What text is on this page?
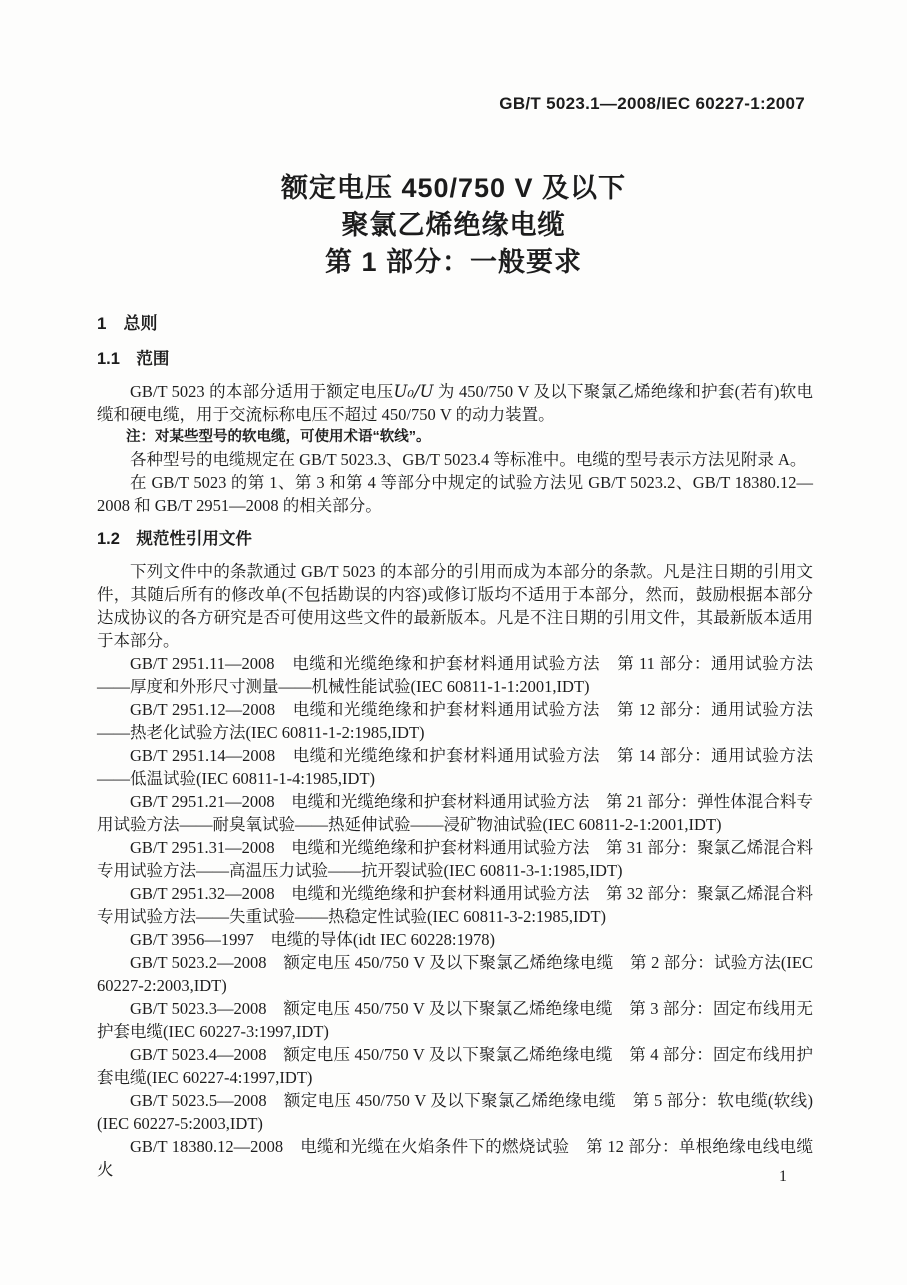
GB/T 5023.1—2008/IEC 60227-1:2007
额定电压 450/750 V 及以下
聚氯乙烯绝缘电缆
第 1 部分：一般要求
1　总则
1.1　范围

GB/T 5023 的本部分适用于额定电压U₀/U 为 450/750 V 及以下聚氯乙烯绝缘和护套(若有)软电缆和硬电缆，用于交流标称电压不超过 450/750 V 的动力装置。

注：对某些型号的软电缆，可使用术语“软线”。

各种型号的电缆规定在 GB/T 5023.3、GB/T 5023.4 等标准中。电缆的型号表示方法见附录 A。

在 GB/T 5023 的第 1、第 3 和第 4 等部分中规定的试验方法见 GB/T 5023.2、GB/T 18380.12—2008 和 GB/T 2951—2008 的相关部分。

1.2　规范性引用文件

下列文件中的条款通过 GB/T 5023 的本部分的引用而成为本部分的条款。凡是注日期的引用文件，其随后所有的修改单(不包括勘误的内容)或修订版均不适用于本部分，然而，鼓励根据本部分达成协议的各方研究是否可使用这些文件的最新版本。凡是不注日期的引用文件，其最新版本适用于本部分。

GB/T 2951.11—2008　电缆和光缆绝缘和护套材料通用试验方法　第 11 部分：通用试验方法——厚度和外形尺寸测量——机械性能试验(IEC 60811-1-1:2001,IDT)

GB/T 2951.12—2008　电缆和光缆绝缘和护套材料通用试验方法　第 12 部分：通用试验方法——热老化试验方法(IEC 60811-1-2:1985,IDT)

GB/T 2951.14—2008　电缆和光缆绝缘和护套材料通用试验方法　第 14 部分：通用试验方法——低温试验(IEC 60811-1-4:1985,IDT)

GB/T 2951.21—2008　电缆和光缆绝缘和护套材料通用试验方法　第 21 部分：弹性体混合料专用试验方法——耐臭氧试验——热延伸试验——浸矿物油试验(IEC 60811-2-1:2001,IDT)

GB/T 2951.31—2008　电缆和光缆绝缘和护套材料通用试验方法　第 31 部分：聚氯乙烯混合料专用试验方法——高温压力试验——抗开裂试验(IEC 60811-3-1:1985,IDT)

GB/T 2951.32—2008　电缆和光缆绝缘和护套材料通用试验方法　第 32 部分：聚氯乙烯混合料专用试验方法——失重试验——热稳定性试验(IEC 60811-3-2:1985,IDT)

GB/T 3956—1997　电缆的导体(idt IEC 60228:1978)

GB/T 5023.2—2008　额定电压 450/750 V 及以下聚氯乙烯绝缘电缆　第 2 部分：试验方法(IEC 60227-2:2003,IDT)

GB/T 5023.3—2008　额定电压 450/750 V 及以下聚氯乙烯绝缘电缆　第 3 部分：固定布线用无护套电缆(IEC 60227-3:1997,IDT)

GB/T 5023.4—2008　额定电压 450/750 V 及以下聚氯乙烯绝缘电缆　第 4 部分：固定布线用护套电缆(IEC 60227-4:1997,IDT)

GB/T 5023.5—2008　额定电压 450/750 V 及以下聚氯乙烯绝缘电缆　第 5 部分：软电缆(软线)(IEC 60227-5:2003,IDT)

GB/T 18380.12—2008　电缆和光缆在火焰条件下的燃烧试验　第 12 部分：单根绝缘电线电缆火	1
